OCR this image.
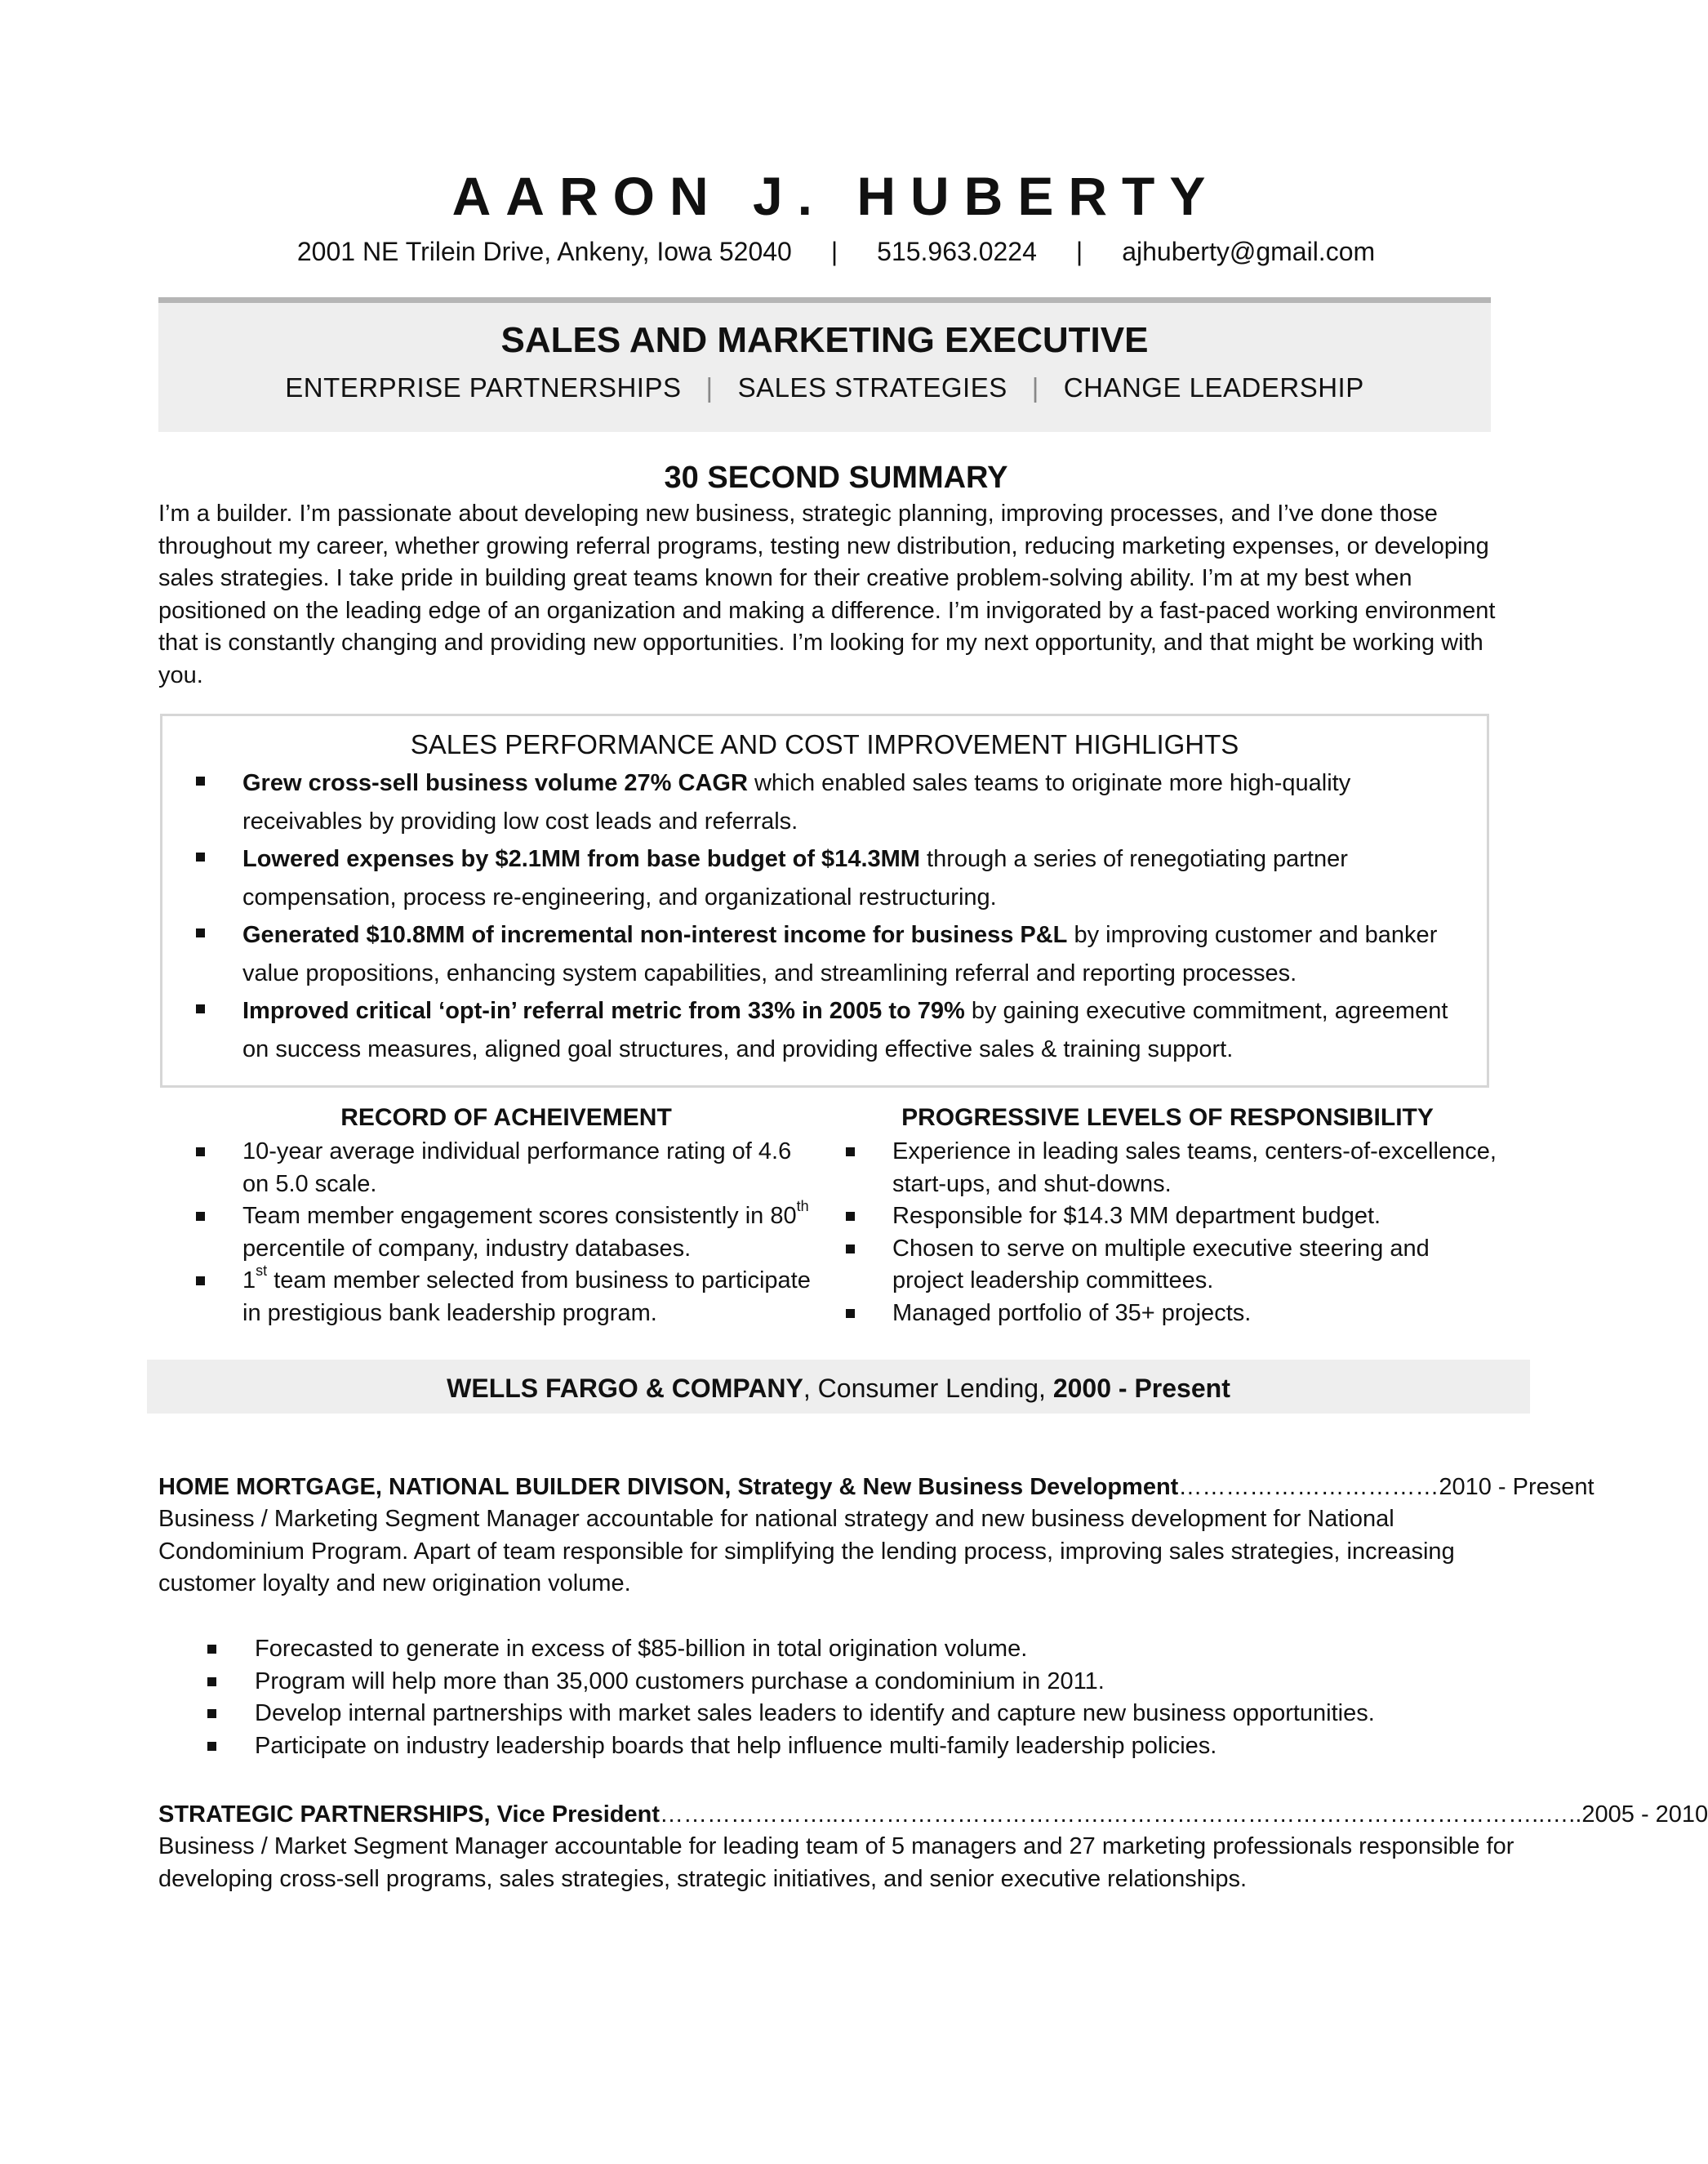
AARON J. HUBERTY
2001 NE Trilein Drive, Ankeny, Iowa 52040 | 515.963.0224 | ajhuberty@gmail.com
SALES AND MARKETING EXECUTIVE
ENTERPRISE PARTNERSHIPS | SALES STRATEGIES | CHANGE LEADERSHIP
30 SECOND SUMMARY
I’m a builder. I’m passionate about developing new business, strategic planning, improving processes, and I’ve done those throughout my career, whether growing referral programs, testing new distribution, reducing marketing expenses, or developing sales strategies. I take pride in building great teams known for their creative problem-solving ability. I’m at my best when positioned on the leading edge of an organization and making a difference. I’m invigorated by a fast-paced working environment that is constantly changing and providing new opportunities. I’m looking for my next opportunity, and that might be working with you.
SALES PERFORMANCE AND COST IMPROVEMENT HIGHLIGHTS
Grew cross-sell business volume 27% CAGR which enabled sales teams to originate more high-quality receivables by providing low cost leads and referrals.
Lowered expenses by $2.1MM from base budget of $14.3MM through a series of renegotiating partner compensation, process re-engineering, and organizational restructuring.
Generated $10.8MM of incremental non-interest income for business P&L by improving customer and banker value propositions, enhancing system capabilities, and streamlining referral and reporting processes.
Improved critical ‘opt-in’ referral metric from 33% in 2005 to 79% by gaining executive commitment, agreement on success measures, aligned goal structures, and providing effective sales & training support.
RECORD OF ACHEIVEMENT
10-year average individual performance rating of 4.6 on 5.0 scale.
Team member engagement scores consistently in 80th percentile of company, industry databases.
1st team member selected from business to participate in prestigious bank leadership program.
PROGRESSIVE LEVELS OF RESPONSIBILITY
Experience in leading sales teams, centers-of-excellence, start-ups, and shut-downs.
Responsible for $14.3 MM department budget.
Chosen to serve on multiple executive steering and project leadership committees.
Managed portfolio of 35+ projects.
WELLS FARGO & COMPANY, Consumer Lending, 2000 - Present
HOME MORTGAGE, NATIONAL BUILDER DIVISON, Strategy & New Business Development……………………………2010 - Present
Business / Marketing Segment Manager accountable for national strategy and new business development for National Condominium Program. Apart of team responsible for simplifying the lending process, improving sales strategies, increasing customer loyalty and new origination volume.
Forecasted to generate in excess of $85-billion in total origination volume.
Program will help more than 35,000 customers purchase a condominium in 2011.
Develop internal partnerships with market sales leaders to identify and capture new business opportunities.
Participate on industry leadership boards that help influence multi-family leadership policies.
STRATEGIC PARTNERSHIPS, Vice President…………………..…………………………….………………………………………………..…..2005 - 2010
Business / Market Segment Manager accountable for leading team of 5 managers and 27 marketing professionals responsible for developing cross-sell programs, sales strategies, strategic initiatives, and senior executive relationships.
